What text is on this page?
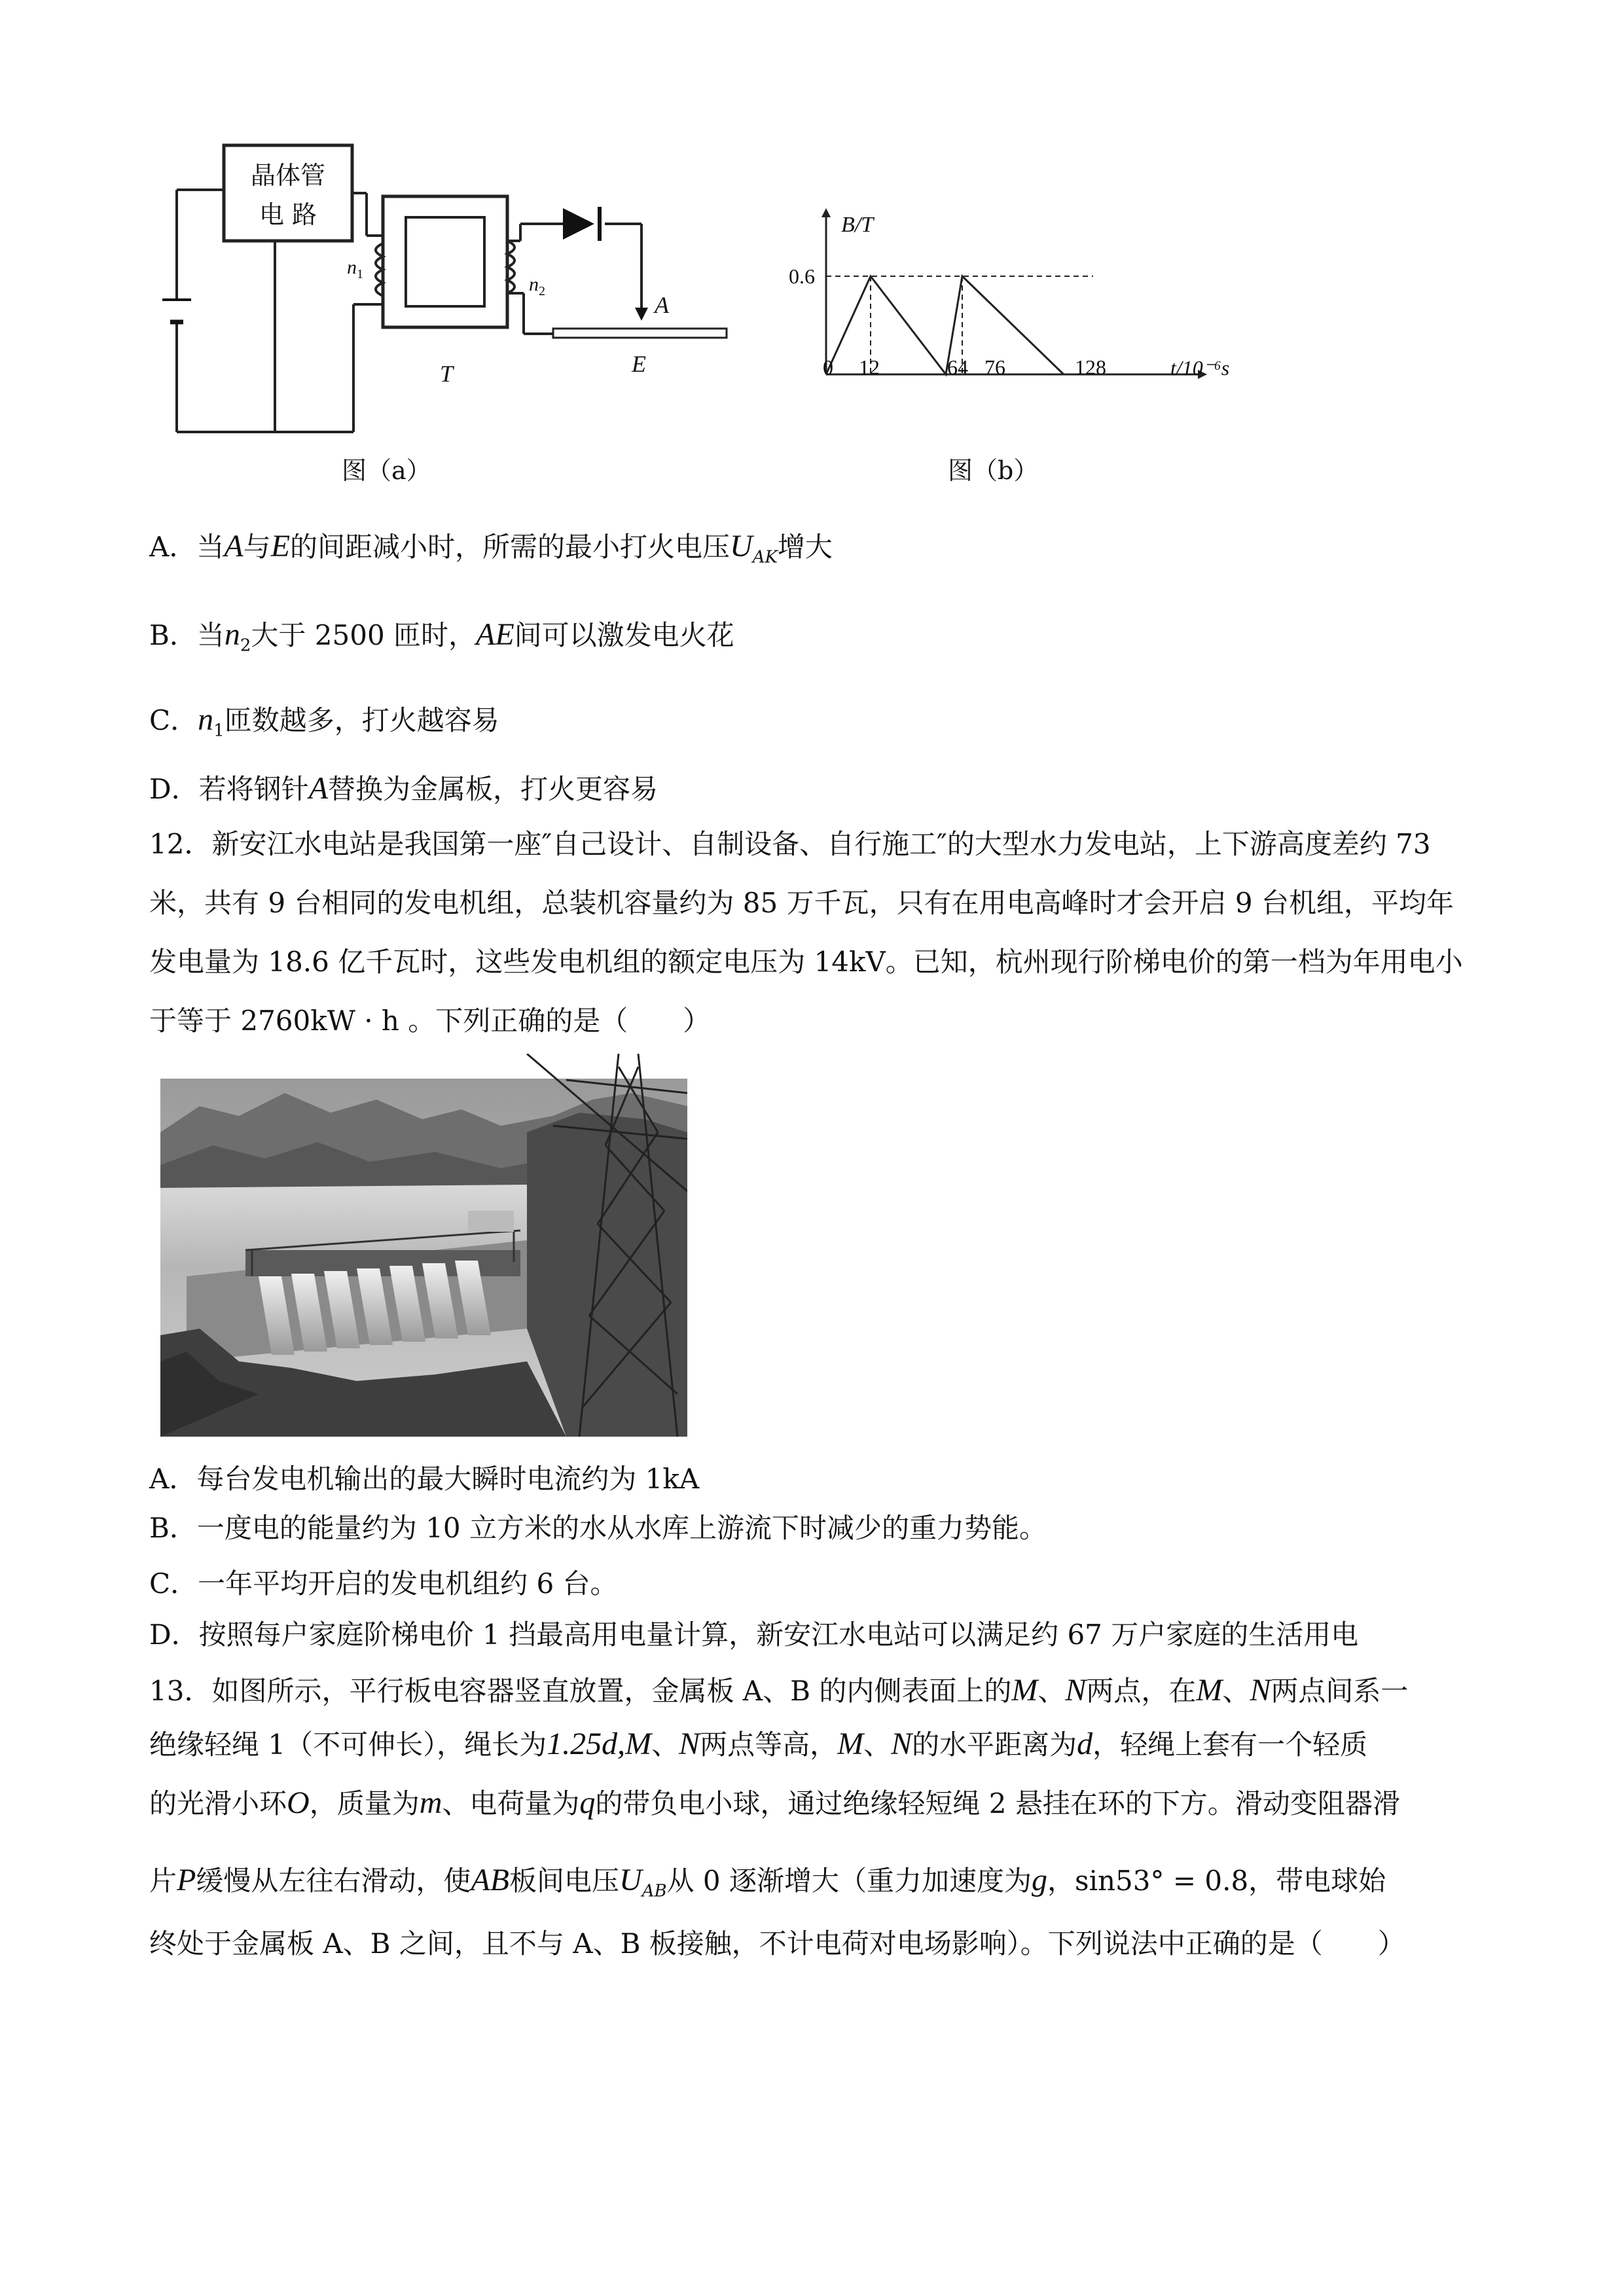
晶体管
电 路
$n_1$	$n_2$
A
E
T
图（a）
B/T
0.6
0 12	64 76	128	t/10⁻⁶s
图（b）
A．当A与E的间距减小时，所需的最小打火电压$U_{AK}$增大
B．当$n_2$大于 2500 匝时，AE间可以激发电火花
C．$n_1$匝数越多，打火越容易
D．若将钢针A替换为金属板，打火更容易
12．新安江水电站是我国第一座″自己设计、自制设备、自行施工″的大型水力发电站，上下游高度差约 73
米，共有 9 台相同的发电机组，总装机容量约为 85 万千瓦，只有在用电高峰时才会开启 9 台机组，平均年
发电量为 18.6 亿千瓦时，这些发电机组的额定电压为 14kV。已知，杭州现行阶梯电价的第一档为年用电小
于等于 2760kW · h 。下列正确的是（　　）
A．每台发电机输出的最大瞬时电流约为 1kA
B．一度电的能量约为 10 立方米的水从水库上游流下时减少的重力势能。
C．一年平均开启的发电机组约 6 台。
D．按照每户家庭阶梯电价 1 挡最高用电量计算，新安江水电站可以满足约 67 万户家庭的生活用电
13．如图所示，平行板电容器竖直放置，金属板 A、B 的内侧表面上的M、N两点，在M、N两点间系一
绝缘轻绳 1（不可伸长），绳长为1.25d,M、N两点等高，M、N的水平距离为d，轻绳上套有一个轻质
的光滑小环O，质量为m、电荷量为q的带负电小球，通过绝缘轻短绳 2 悬挂在环的下方。滑动变阻器滑
片P缓慢从左往右滑动，使AB板间电压$U_{AB}$从 0 逐渐增大（重力加速度为g，sin53° = 0.8，带电球始
终处于金属板 A、B 之间，且不与 A、B 板接触，不计电荷对电场影响）。下列说法中正确的是（　　）
